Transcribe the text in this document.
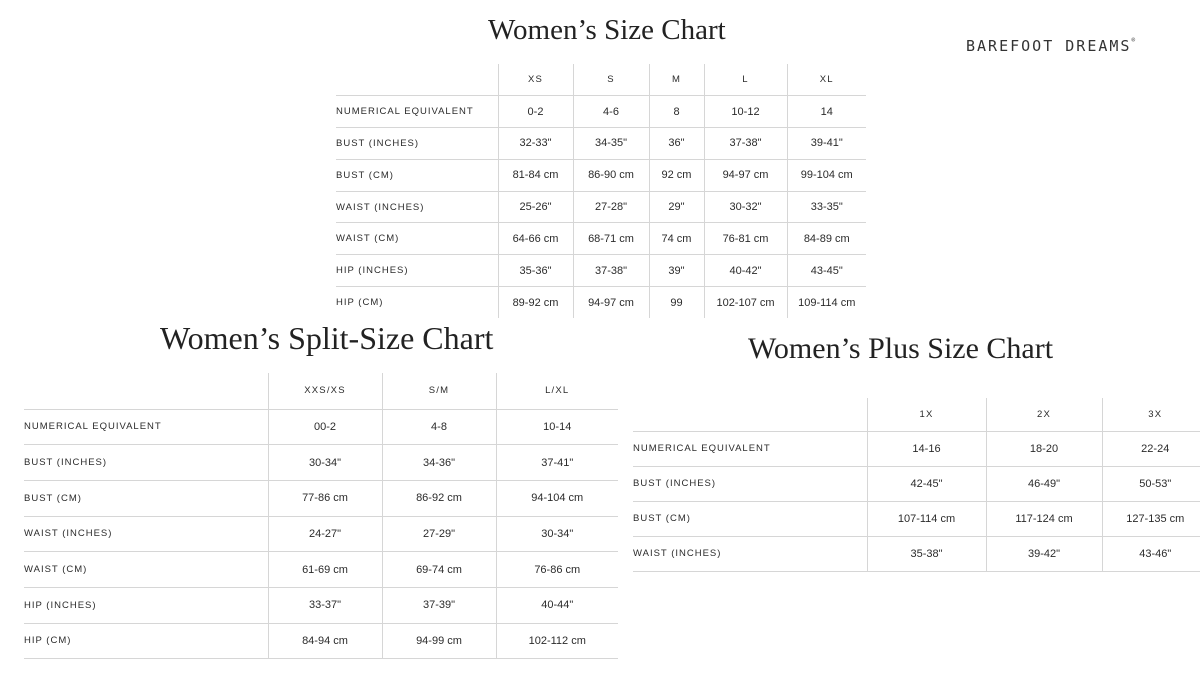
Women’s Size Chart	BAREFOOT DREAMS®
	XS	S	M	L	XL
NUMERICAL EQUIVALENT	0-2	4-6	8	10-12	14
BUST (INCHES)	32-33"	34-35"	36"	37-38"	39-41"
BUST (CM)	81-84 cm	86-90 cm	92 cm	94-97 cm	99-104 cm
WAIST (INCHES)	25-26"	27-28"	29"	30-32"	33-35"
WAIST (CM)	64-66 cm	68-71 cm	74 cm	76-81 cm	84-89 cm
HIP (INCHES)	35-36"	37-38"	39"	40-42"	43-45"
HIP (CM)	89-92 cm	94-97 cm	99	102-107 cm	109-114 cm
Women’s Split-Size Chart
	XXS/XS	S/M	L/XL
NUMERICAL EQUIVALENT	00-2	4-8	10-14
BUST (INCHES)	30-34"	34-36"	37-41"
BUST (CM)	77-86 cm	86-92 cm	94-104 cm
WAIST (INCHES)	24-27"	27-29"	30-34"
WAIST (CM)	61-69 cm	69-74 cm	76-86 cm
HIP (INCHES)	33-37"	37-39"	40-44"
HIP (CM)	84-94 cm	94-99 cm	102-112 cm
Women’s Plus Size Chart
	1X	2X	3X
NUMERICAL EQUIVALENT	14-16	18-20	22-24
BUST (INCHES)	42-45"	46-49"	50-53"
BUST (CM)	107-114 cm	117-124 cm	127-135 cm
WAIST (INCHES)	35-38"	39-42"	43-46"
